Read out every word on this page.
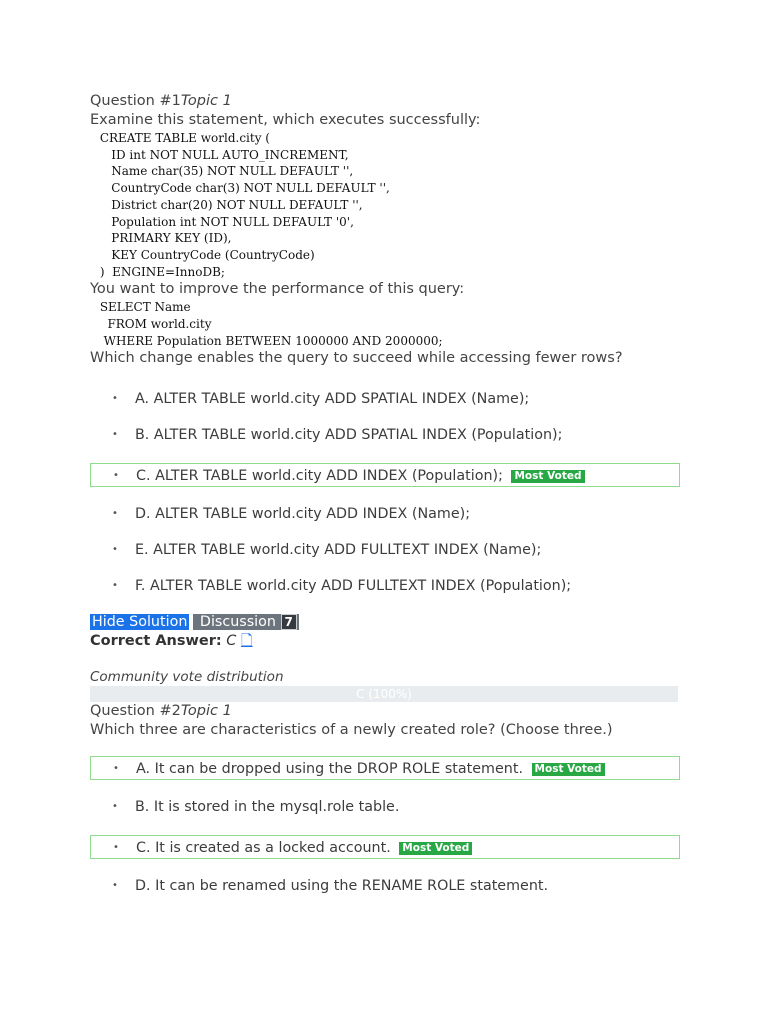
Question #1Topic 1
Examine this statement, which executes successfully:
CREATE TABLE world.city (
ID int NOT NULL AUTO_INCREMENT,
Name char(35) NOT NULL DEFAULT '',
CountryCode char(3) NOT NULL DEFAULT '',
District char(20) NOT NULL DEFAULT '',
Population int NOT NULL DEFAULT '0',
PRIMARY KEY (ID),
KEY CountryCode (CountryCode)
)  ENGINE=InnoDB;
You want to improve the performance of this query:
SELECT Name
FROM world.city
WHERE Population BETWEEN 1000000 AND 2000000;
Which change enables the query to succeed while accessing fewer rows?
• A. ALTER TABLE world.city ADD SPATIAL INDEX (Name);
• B. ALTER TABLE world.city ADD SPATIAL INDEX (Population);
• C. ALTER TABLE world.city ADD INDEX (Population); Most Voted
• D. ALTER TABLE world.city ADD INDEX (Name);
• E. ALTER TABLE world.city ADD FULLTEXT INDEX (Name);
• F. ALTER TABLE world.city ADD FULLTEXT INDEX (Population);
Hide Solution Discussion 7
Correct Answer: C 🗋
Community vote distribution
C (100%)
Question #2Topic 1
Which three are characteristics of a newly created role? (Choose three.)
• A. It can be dropped using the DROP ROLE statement. Most Voted
• B. It is stored in the mysql.role table.
• C. It is created as a locked account. Most Voted
• D. It can be renamed using the RENAME ROLE statement.
